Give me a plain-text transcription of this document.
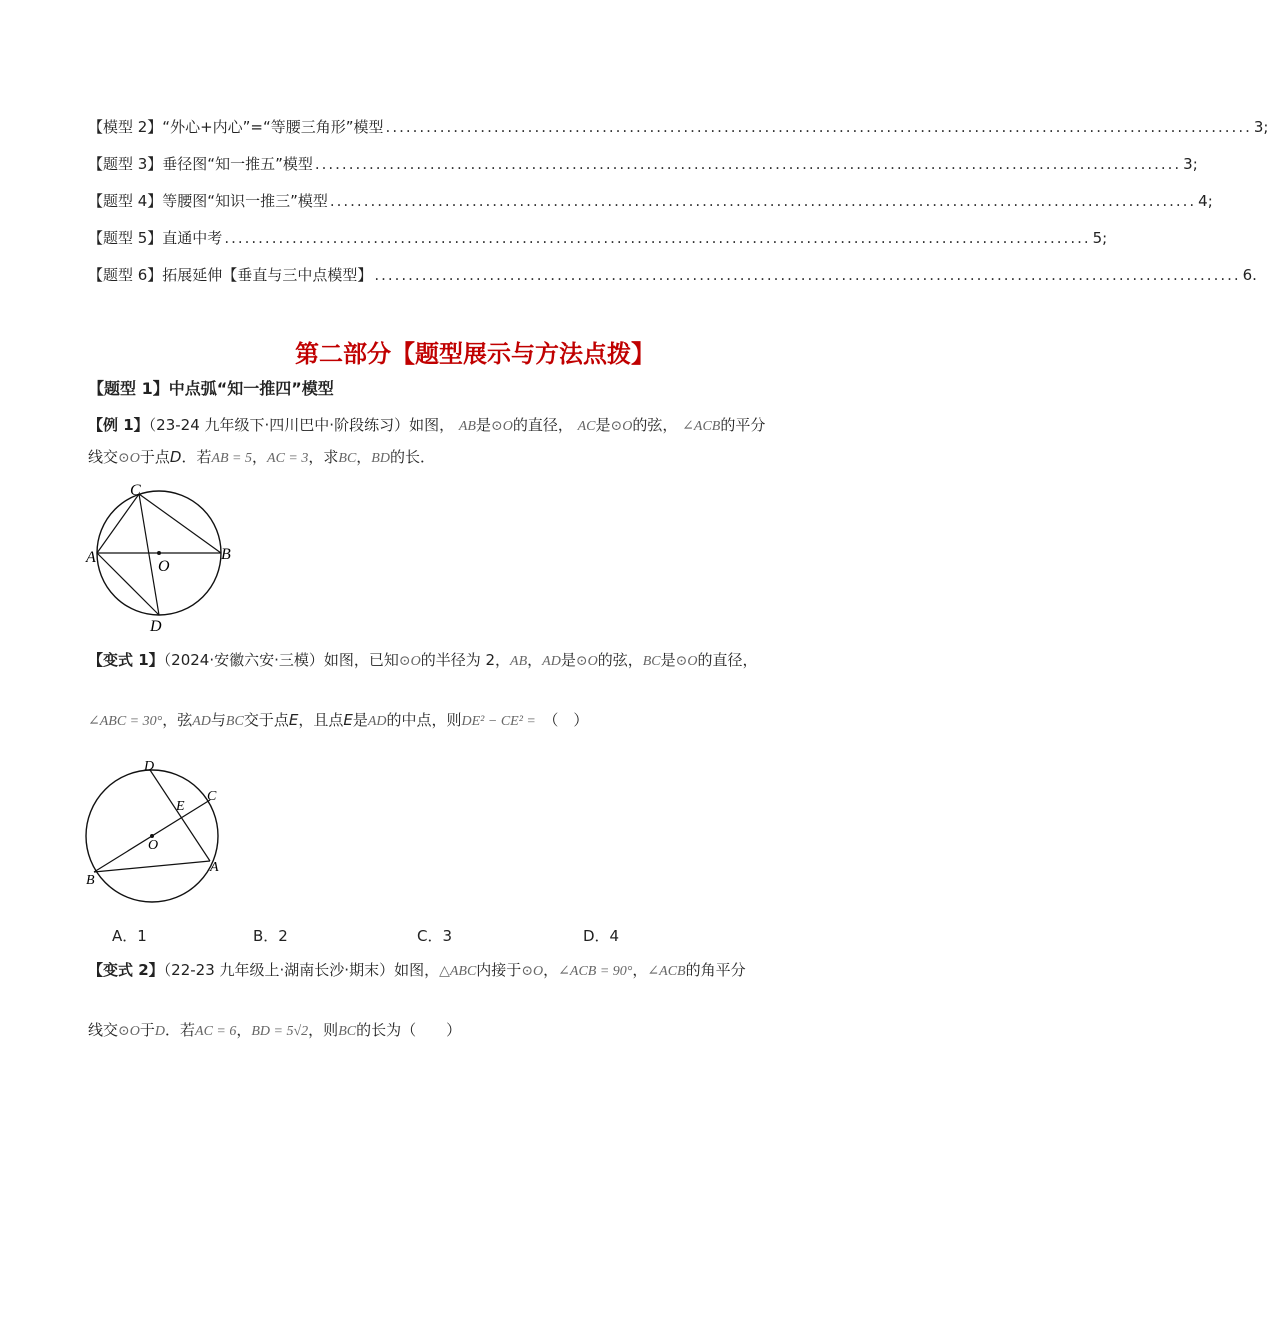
【模型 2】“外心+内心”=“等腰三角形”模型 ................................................................................................................................ 3;
【题型 3】垂径图“知一推五”模型 ................................................................................................................................ 3;
【题型 4】等腰图“知识一推三”模型 ................................................................................................................................ 4;
【题型 5】直通中考 ................................................................................................................................ 5;
【题型 6】拓展延伸【垂直与三中点模型】 ................................................................................................................................ 6.
第二部分【题型展示与方法点拨】
【题型 1】中点弧“知一推四”模型
【例 1】（23-24 九年级下·四川巴中·阶段练习）如图， AB是⊙O的直径， AC是⊙O的弦， ∠ACB的平分
线交⊙O于点D．若AB = 5，AC = 3，求BC，BD的长．
C
A
O
B
D
【变式 1】（2024·安徽六安·三模）如图，已知⊙O的半径为 2，AB，AD是⊙O的弦，BC是⊙O的直径，
∠ABC = 30°，弦AD与BC交于点E，且点E是AD的中点，则DE² − CE² =　 （　）
D
E
C
O
B
A
A．1	B．2	C．3	D．4
【变式 2】（22-23 九年级上·湖南长沙·期末）如图，△ABC内接于⊙O，∠ACB = 90°，∠ACB的角平分
线交⊙O于D．若AC = 6，BD = 5√2，则BC的长为（　　）
